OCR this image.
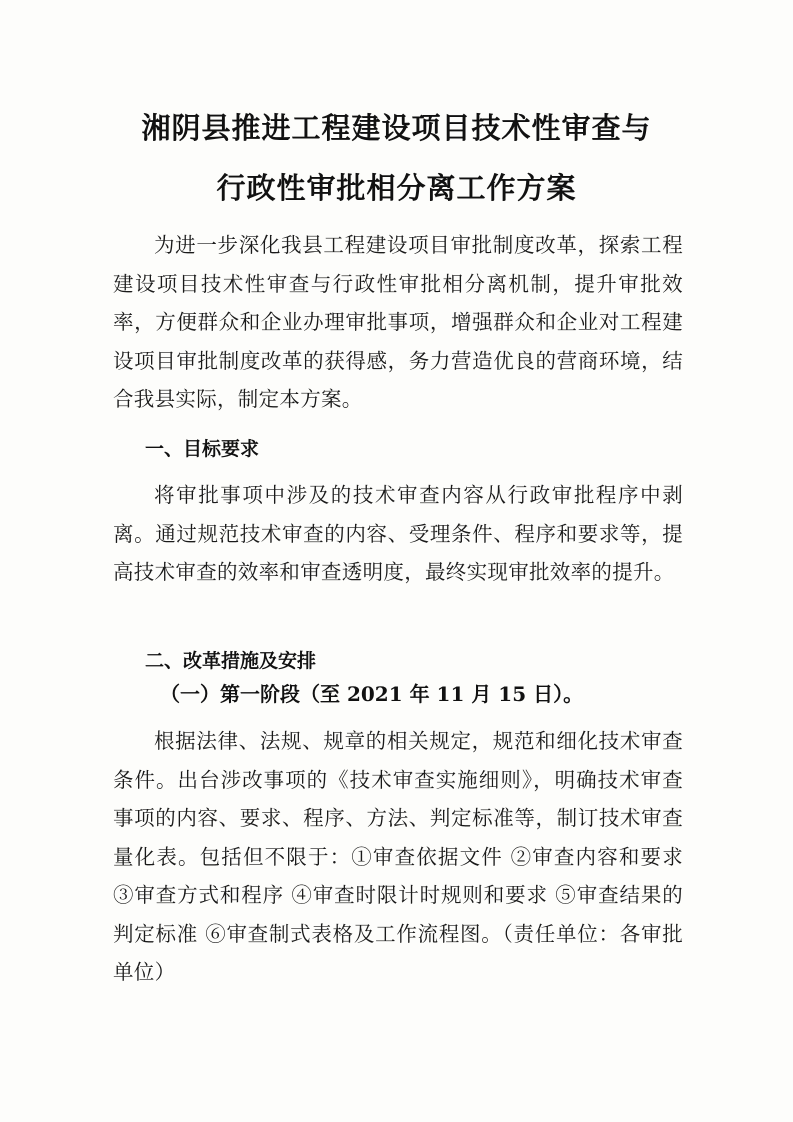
湘阴县推进工程建设项目技术性审查与
行政性审批相分离工作方案
为进一步深化我县工程建设项目审批制度改革，探索工程建设项目技术性审查与行政性审批相分离机制，提升审批效率，方便群众和企业办理审批事项，增强群众和企业对工程建设项目审批制度改革的获得感，务力营造优良的营商环境，结合我县实际，制定本方案。
一、目标要求
将审批事项中涉及的技术审查内容从行政审批程序中剥离。通过规范技术审查的内容、受理条件、程序和要求等，提高技术审查的效率和审查透明度，最终实现审批效率的提升。
二、改革措施及安排
（一）第一阶段（至 2021 年 11 月 15 日）。
根据法律、法规、规章的相关规定，规范和细化技术审查条件。出台涉改事项的《技术审查实施细则》，明确技术审查事项的内容、要求、程序、方法、判定标准等，制订技术审查量化表。包括但不限于：①审查依据文件 ②审查内容和要求 ③审查方式和程序 ④审查时限计时规则和要求 ⑤审查结果的判定标准 ⑥审查制式表格及工作流程图。（责任单位：各审批单位）
